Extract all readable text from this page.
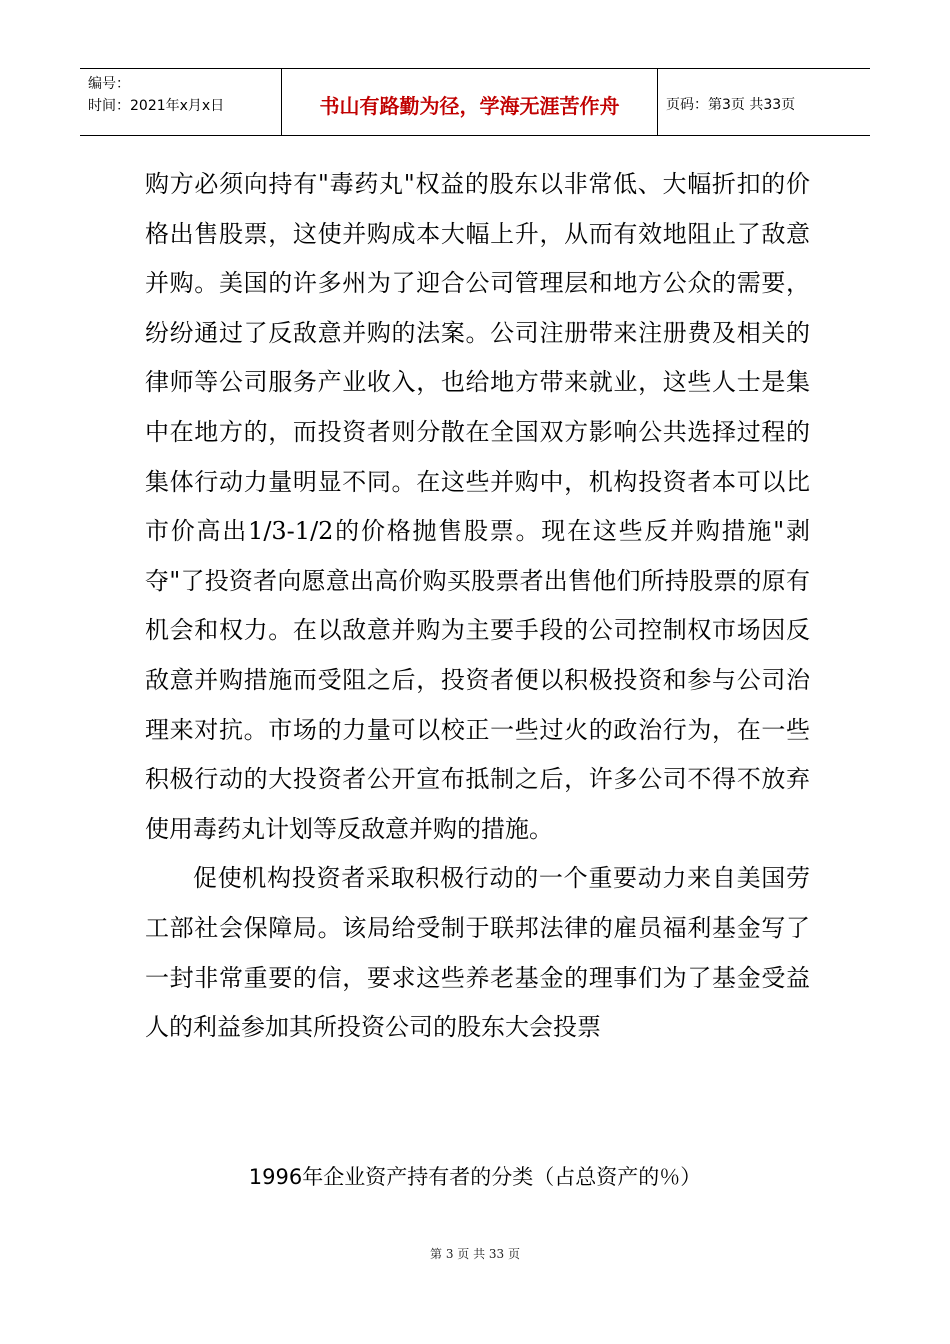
编号：
时间：2021年x月x日	书山有路勤为径，学海无涯苦作舟	页码：第3页 共33页

购方必须向持有"毒药丸"权益的股东以非常低、大幅折扣的价格出售股票，这使并购成本大幅上升，从而有效地阻止了敌意并购。美国的许多州为了迎合公司管理层和地方公众的需要，纷纷通过了反敌意并购的法案。公司注册带来注册费及相关的律师等公司服务产业收入，也给地方带来就业，这些人士是集中在地方的，而投资者则分散在全国双方影响公共选择过程的集体行动力量明显不同。在这些并购中，机构投资者本可以比市价高出1/3-1/2的价格抛售股票。现在这些反并购措施"剥夺"了投资者向愿意出高价购买股票者出售他们所持股票的原有机会和权力。在以敌意并购为主要手段的公司控制权市场因反敌意并购措施而受阻之后，投资者便以积极投资和参与公司治理来对抗。市场的力量可以校正一些过火的政治行为，在一些积极行动的大投资者公开宣布抵制之后，许多公司不得不放弃使用毒药丸计划等反敌意并购的措施。

促使机构投资者采取积极行动的一个重要动力来自美国劳工部社会保障局。该局给受制于联邦法律的雇员福利基金写了一封非常重要的信，要求这些养老基金的理事们为了基金受益人的利益参加其所投资公司的股东大会投票

1996年企业资产持有者的分类（占总资产的％）
第 3 页 共 33 页
